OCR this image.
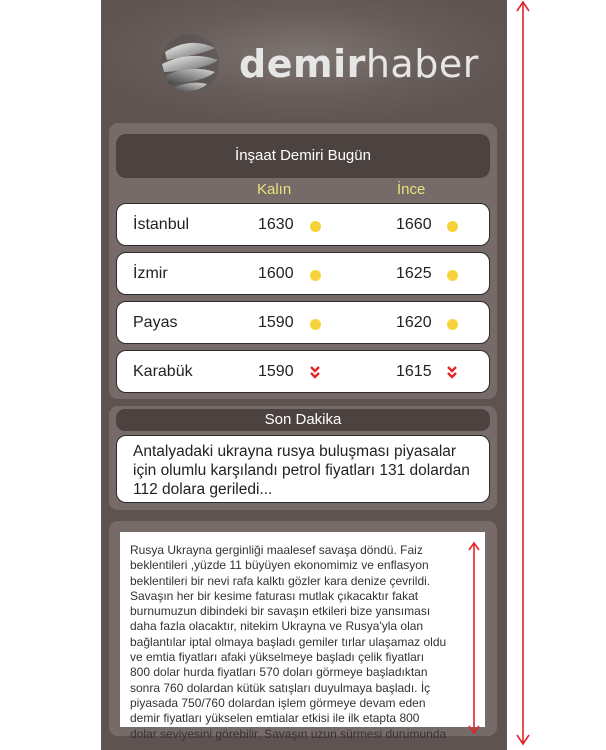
demirhaber
İnşaat Demiri Bugün
Kalın	İnce
İstanbul	1630	1660
İzmir	1600	1625
Payas	1590	1620
Karabük	1590	1615
Son Dakika
Antalyadaki ukrayna rusya buluşması piyasalar için olumlu karşılandı petrol fiyatları 131 dolardan 112 dolara geriledi...
Rusya Ukrayna gerginliği maalesef savaşa döndü. Faiz
beklentileri ,yüzde 11 büyüyen ekonomimiz ve enflasyon
beklentileri bir nevi rafa kalktı gözler kara denize çevrildi.
Savaşın her bir kesime faturası mutlak çıkacaktır fakat
burnumuzun dibindeki bir savaşın etkileri bize yansıması
daha fazla olacaktır, nitekim Ukrayna ve Rusya'yla olan
bağlantılar iptal olmaya başladı gemiler tırlar ulaşamaz oldu
ve emtia fiyatları afaki yükselmeye başladı çelik fiyatları
800 dolar hurda fiyatları 570 doları görmeye başladıktan
sonra 760 dolardan kütük satışları duyulmaya başladı. İç
piyasada 750/760 dolardan işlem görmeye devam eden
demir fiyatları yükselen emtialar etkisi ile ilk etapta 800
dolar seviyesini görebilir. Savaşın uzun sürmesi durumunda
